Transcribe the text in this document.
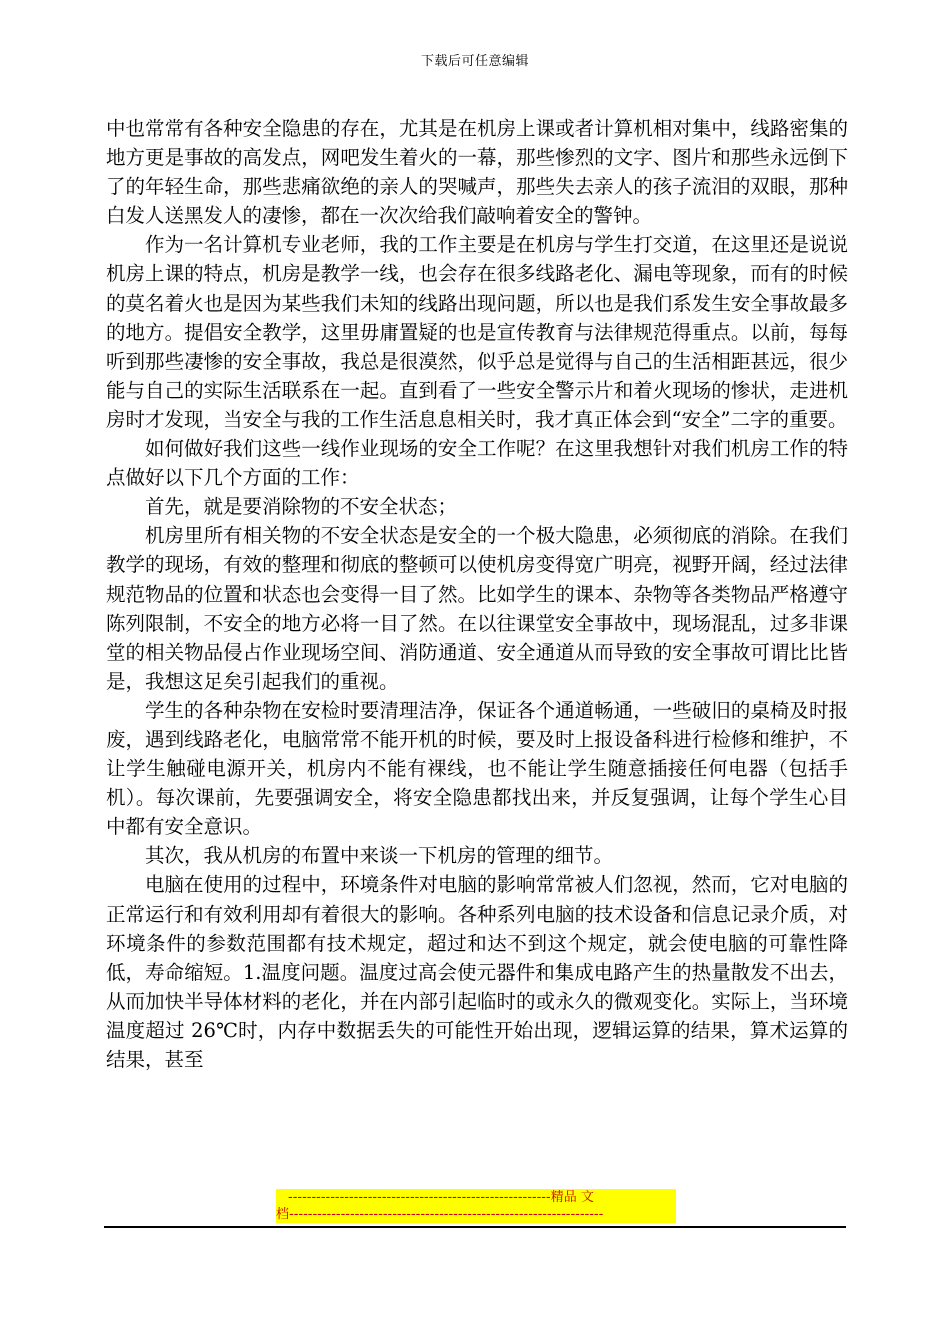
下载后可任意编辑

中也常常有各种安全隐患的存在，尤其是在机房上课或者计算机相对集中，线路密集的地方更是事故的高发点，网吧发生着火的一幕，那些惨烈的文字、图片和那些永远倒下了的年轻生命，那些悲痛欲绝的亲人的哭喊声，那些失去亲人的孩子流泪的双眼，那种白发人送黑发人的凄惨，都在一次次给我们敲响着安全的警钟。

作为一名计算机专业老师，我的工作主要是在机房与学生打交道，在这里还是说说机房上课的特点，机房是教学一线，也会存在很多线路老化、漏电等现象，而有的时候的莫名着火也是因为某些我们未知的线路出现问题，所以也是我们系发生安全事故最多的地方。提倡安全教学，这里毋庸置疑的也是宣传教育与法律规范得重点。以前，每每听到那些凄惨的安全事故，我总是很漠然，似乎总是觉得与自己的生活相距甚远，很少能与自己的实际生活联系在一起。直到看了一些安全警示片和着火现场的惨状，走进机房时才发现，当安全与我的工作生活息息相关时，我才真正体会到“安全”二字的重要。

如何做好我们这些一线作业现场的安全工作呢？在这里我想针对我们机房工作的特点做好以下几个方面的工作：

首先，就是要消除物的不安全状态；

机房里所有相关物的不安全状态是安全的一个极大隐患，必须彻底的消除。在我们教学的现场，有效的整理和彻底的整顿可以使机房变得宽广明亮，视野开阔，经过法律规范物品的位置和状态也会变得一目了然。比如学生的课本、杂物等各类物品严格遵守陈列限制，不安全的地方必将一目了然。在以往课堂安全事故中，现场混乱，过多非课堂的相关物品侵占作业现场空间、消防通道、安全通道从而导致的安全事故可谓比比皆是，我想这足矣引起我们的重视。

学生的各种杂物在安检时要清理洁净，保证各个通道畅通，一些破旧的桌椅及时报废，遇到线路老化，电脑常常不能开机的时候，要及时上报设备科进行检修和维护，不让学生触碰电源开关，机房内不能有裸线，也不能让学生随意插接任何电器（包括手机）。每次课前，先要强调安全，将安全隐患都找出来，并反复强调，让每个学生心目中都有安全意识。

其次，我从机房的布置中来谈一下机房的管理的细节。

电脑在使用的过程中，环境条件对电脑的影响常常被人们忽视，然而，它对电脑的正常运行和有效利用却有着很大的影响。各种系列电脑的技术设备和信息记录介质，对环境条件的参数范围都有技术规定，超过和达不到这个规定，就会使电脑的可靠性降低，寿命缩短。1.温度问题。温度过高会使元器件和集成电路产生的热量散发不出去，从而加快半导体材料的老化，并在内部引起临时的或永久的微观变化。实际上，当环境温度超过 26℃时，内存中数据丢失的可能性开始出现，逻辑运算的结果，算术运算的结果，甚至

--------------------------------------------------------精品 文
档-------------------------------------------------------------------
